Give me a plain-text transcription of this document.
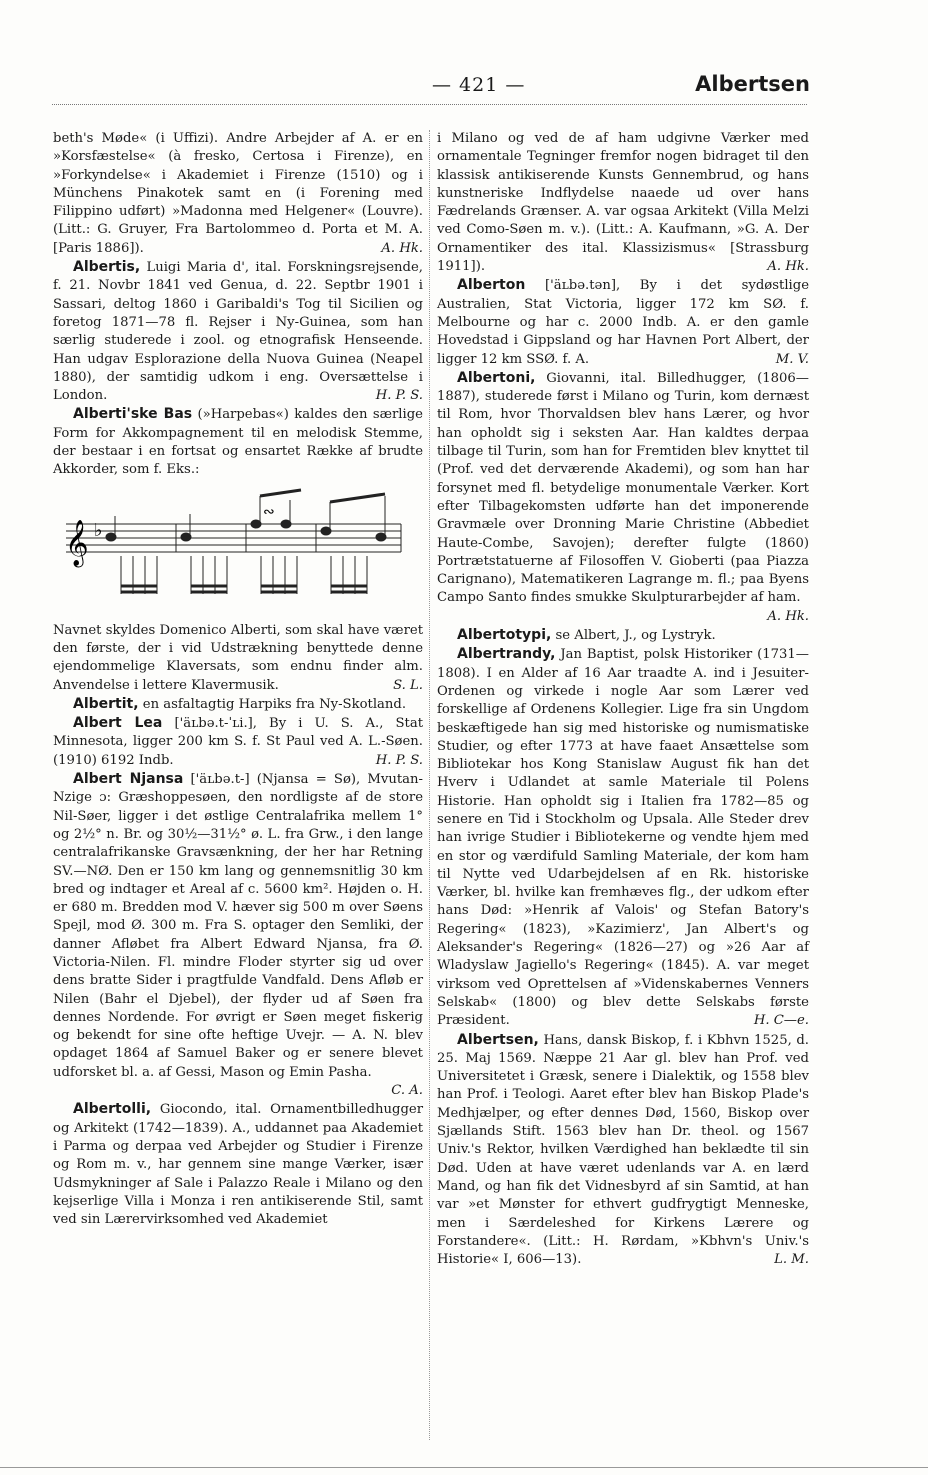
— 421 —	Albertsen

beth's Møde« (i Uffizi). Andre Arbejder af A. er en »Korsfæstelse« (à fresko, Certosa i Firenze), en »Forkyndelse« i Akademiet i Firenze (1510) og i Münchens Pinakotek samt en (i Forening med Filippino udført) »Madonna med Helgener« (Louvre). (Litt.: G. Gruyer, Fra Bartolommeo d. Porta et M. A. [Paris 1886]).	A. Hk.

Albertis, Luigi Maria d', ital. Forskningsrejsende, f. 21. Novbr 1841 ved Genua, d. 22. Septbr 1901 i Sassari, deltog 1860 i Garibaldi's Tog til Sicilien og foretog 1871—78 fl. Rejser i Ny-Guinea, som han særlig studerede i zool. og etnografisk Henseende. Han udgav Esplorazione della Nuova Guinea (Neapel 1880), der samtidig udkom i eng. Oversættelse i London.	H. P. S.

Alberti'ske Bas (»Harpebas«) kaldes den særlige Form for Akkompagnement til en melodisk Stemme, der bestaar i en fortsat og ensartet Række af brudte Akkorder, som f. Eks.:

𝄞 ♭
∾

Navnet skyldes Domenico Alberti, som skal have været den første, der i vid Udstrækning benyttede denne ejendommelige Klaversats, som endnu finder alm. Anvendelse i lettere Klavermusik.	S. L.

Albertit, en asfaltagtig Harpiks fra Ny-Skotland.

Albert Lea ['äʟbə.t-ˈʟi.], By i U. S. A., Stat Minnesota, ligger 200 km S. f. St Paul ved A. L.-Søen. (1910) 6192 Indb.	H. P. S.

Albert Njansa ['äʟbə.t-] (Njansa = Sø), Mvutan-Nzige ɔ: Græshoppesøen, den nordligste af de store Nil-Søer, ligger i det østlige Centralafrika mellem 1° og 2½° n. Br. og 30½—31½° ø. L. fra Grw., i den lange centralafrikanske Gravsænkning, der her har Retning SV.—NØ. Den er 150 km lang og gennemsnitlig 30 km bred og indtager et Areal af c. 5600 km². Højden o. H. er 680 m. Bredden mod V. hæver sig 500 m over Søens Spejl, mod Ø. 300 m. Fra S. optager den Semliki, der danner Afløbet fra Albert Edward Njansa, fra Ø. Victoria-Nilen. Fl. mindre Floder styrter sig ud over dens bratte Sider i pragtfulde Vandfald. Dens Afløb er Nilen (Bahr el Djebel), der flyder ud af Søen fra dennes Nordende. For øvrigt er Søen meget fiskerig og bekendt for sine ofte heftige Uvejr. — A. N. blev opdaget 1864 af Samuel Baker og er senere blevet udforsket bl. a. af Gessi, Mason og Emin Pasha.
C. A.

Albertolli, Giocondo, ital. Ornamentbilledhugger og Arkitekt (1742—1839). A., uddannet paa Akademiet i Parma og derpaa ved Arbejder og Studier i Firenze og Rom m. v., har gennem sine mange Værker, især Udsmykninger af Sale i Palazzo Reale i Milano og den kejserlige Villa i Monza i ren antikiserende Stil, samt ved sin Lærervirksomhed ved Akademiet

i Milano og ved de af ham udgivne Værker med ornamentale Tegninger fremfor nogen bidraget til den klassisk antikiserende Kunsts Gennembrud, og hans kunstneriske Indflydelse naaede ud over hans Fædrelands Grænser. A. var ogsaa Arkitekt (Villa Melzi ved Como-Søen m. v.). (Litt.: A. Kaufmann, »G. A. Der Ornamentiker des ital. Klassizismus« [Strassburg 1911]).	A. Hk.

Alberton ['äʟbə.tən], By i det sydøstlige Australien, Stat Victoria, ligger 172 km SØ. f. Melbourne og har c. 2000 Indb. A. er den gamle Hovedstad i Gippsland og har Havnen Port Albert, der ligger 12 km SSØ. f. A.	M. V.

Albertoni, Giovanni, ital. Billedhugger, (1806—1887), studerede først i Milano og Turin, kom dernæst til Rom, hvor Thorvaldsen blev hans Lærer, og hvor han opholdt sig i seksten Aar. Han kaldtes derpaa tilbage til Turin, som han for Fremtiden blev knyttet til (Prof. ved det derværende Akademi), og som han har forsynet med fl. betydelige monumentale Værker. Kort efter Tilbagekomsten udførte han det imponerende Gravmæle over Dronning Marie Christine (Abbediet Haute-Combe, Savojen); derefter fulgte (1860) Portrætstatuerne af Filosoffen V. Gioberti (paa Piazza Carignano), Matematikeren Lagrange m. fl.; paa Byens Campo Santo findes smukke Skulpturarbejder af ham.
A. Hk.

Albertotypi, se Albert, J., og Lystryk.

Albertrandy, Jan Baptist, polsk Historiker (1731—1808). I en Alder af 16 Aar traadte A. ind i Jesuiter-Ordenen og virkede i nogle Aar som Lærer ved forskellige af Ordenens Kollegier. Lige fra sin Ungdom beskæftigede han sig med historiske og numismatiske Studier, og efter 1773 at have faaet Ansættelse som Bibliotekar hos Kong Stanislaw August fik han det Hverv i Udlandet at samle Materiale til Polens Historie. Han opholdt sig i Italien fra 1782—85 og senere en Tid i Stockholm og Upsala. Alle Steder drev han ivrige Studier i Bibliotekerne og vendte hjem med en stor og værdifuld Samling Materiale, der kom ham til Nytte ved Udarbejdelsen af en Rk. historiske Værker, bl. hvilke kan fremhæves flg., der udkom efter hans Død: »Henrik af Valois' og Stefan Batory's Regering« (1823), »Kazimierz', Jan Albert's og Aleksander's Regering« (1826—27) og »26 Aar af Wladyslaw Jagiello's Regering« (1845). A. var meget virksom ved Oprettelsen af »Videnskabernes Venners Selskab« (1800) og blev dette Selskabs første Præsident.	H. C—e.

Albertsen, Hans, dansk Biskop, f. i Kbhvn 1525, d. 25. Maj 1569. Næppe 21 Aar gl. blev han Prof. ved Universitetet i Græsk, senere i Dialektik, og 1558 blev han Prof. i Teologi. Aaret efter blev han Biskop Plade's Medhjælper, og efter dennes Død, 1560, Biskop over Sjællands Stift. 1563 blev han Dr. theol. og 1567 Univ.'s Rektor, hvilken Værdighed han beklædte til sin Død. Uden at have været udenlands var A. en lærd Mand, og han fik det Vidnesbyrd af sin Samtid, at han var »et Mønster for ethvert gudfrygtigt Menneske, men i Særdeleshed for Kirkens Lærere og Forstandere«. (Litt.: H. Rørdam, »Kbhvn's Univ.'s Historie« I, 606—13).	L. M.
